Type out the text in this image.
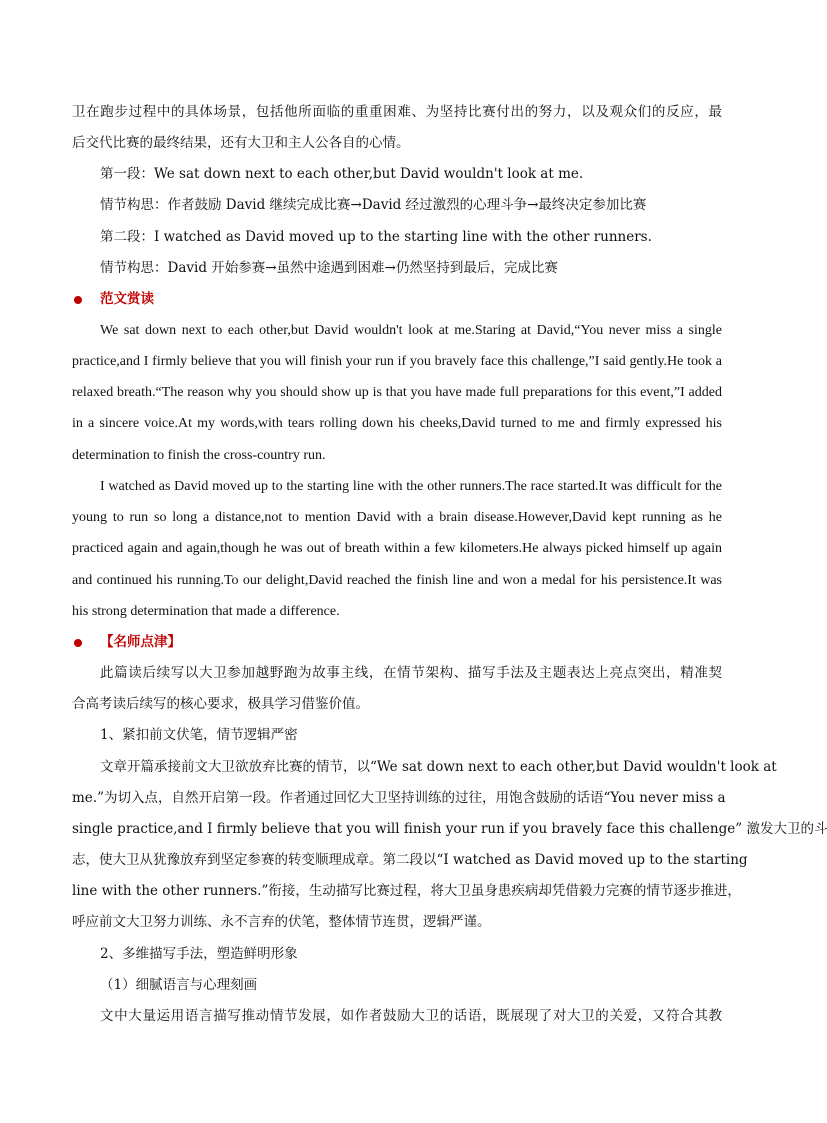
卫在跑步过程中的具体场景，包括他所面临的重重困难、为坚持比赛付出的努力，以及观众们的反应，最
后交代比赛的最终结果，还有大卫和主人公各自的心情。
第一段：We sat down next to each other,but David wouldn't look at me.
情节构思：作者鼓励 David 继续完成比赛→David 经过激烈的心理斗争→最终决定参加比赛
第二段：I watched as David moved up to the starting line with the other runners.
情节构思：David 开始参赛→虽然中途遇到困难→仍然坚持到最后，完成比赛
范文赏读
We sat down next to each other,but David wouldn't look at me.Staring at David,“You never miss a single
practice,and I firmly believe that you will finish your run if you bravely face this challenge,”I said gently.He took a
relaxed breath.“The reason why you should show up is that you have made full preparations for this event,”I added
in a sincere voice.At my words,with tears rolling down his cheeks,David turned to me and firmly expressed his
determination to finish the cross-country run.
I watched as David moved up to the starting line with the other runners.The race started.It was difficult for the
young to run so long a distance,not to mention David with a brain disease.However,David kept running as he
practiced again and again,though he was out of breath within a few kilometers.He always picked himself up again
and continued his running.To our delight,David reached the finish line and won a medal for his persistence.It was
his strong determination that made a difference.
【名师点津】
此篇读后续写以大卫参加越野跑为故事主线，在情节架构、描写手法及主题表达上亮点突出，精准契
合高考读后续写的核心要求，极具学习借鉴价值。
1、紧扣前文伏笔，情节逻辑严密
文章开篇承接前文大卫欲放弃比赛的情节，以“We sat down next to each other,but David wouldn't look at
me.”为切入点，自然开启第一段。作者通过回忆大卫坚持训练的过往，用饱含鼓励的话语“You never miss a
single practice,and I firmly believe that you will finish your run if you bravely face this challenge” 激发大卫的斗
志，使大卫从犹豫放弃到坚定参赛的转变顺理成章。第二段以“I watched as David moved up to the starting
line with the other runners.”衔接，生动描写比赛过程，将大卫虽身患疾病却凭借毅力完赛的情节逐步推进，
呼应前文大卫努力训练、永不言弃的伏笔，整体情节连贯，逻辑严谨。
2、多维描写手法，塑造鲜明形象
（1）细腻语言与心理刻画
文中大量运用语言描写推动情节发展，如作者鼓励大卫的话语，既展现了对大卫的关爱，又符合其教
